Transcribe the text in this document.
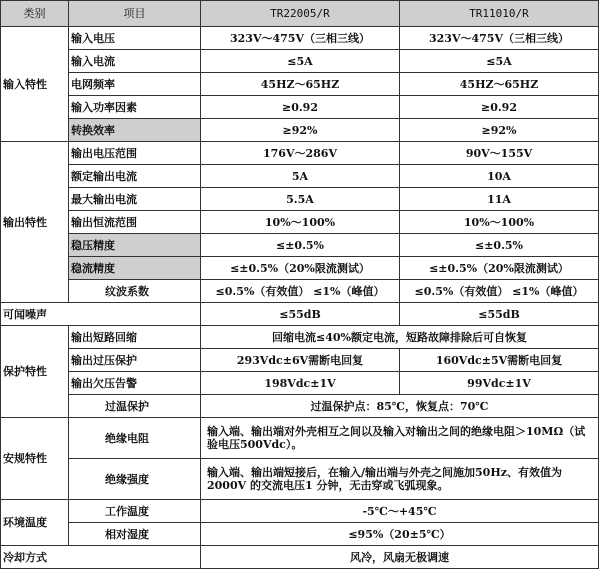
类别	项目	TR22005/R	TR11010/R
输入特性	输入电压	323V～475V（三相三线）	323V～475V（三相三线）
	输入电流	≤5A	≤5A
	电网频率	45HZ～65HZ	45HZ～65HZ
	输入功率因素	≥0.92	≥0.92
	转换效率	≥92%	≥92%
输出特性	输出电压范围	176V～286V	90V～155V
	额定输出电流	5A	10A
	最大输出电流	5.5A	11A
	输出恒流范围	10%～100%	10%～100%
	稳压精度	≤±0.5%	≤±0.5%
	稳流精度	≤±0.5%（20%限流测试）	≤±0.5%（20%限流测试）
	纹波系数	≤0.5%（有效值） ≤1%（峰值）	≤0.5%（有效值） ≤1%（峰值）
可闻噪声		≤55dB	≤55dB
保护特性	输出短路回缩	回缩电流≤40%额定电流，短路故障排除后可自恢复	
	输出过压保护	293Vdc±6V需断电回复	160Vdc±5V需断电回复
	输出欠压告警	198Vdc±1V	99Vdc±1V
	过温保护	过温保护点：85℃，恢复点：70℃	
安规特性	绝缘电阻	输入端、输出端对外壳相互之间以及输入对输出之间的绝缘电阻＞10MΩ（试验电压500Vdc）。	
	绝缘强度	输入端、输出端短接后，在输入/输出端与外壳之间施加50Hz、有效值为2000V 的交流电压1 分钟，无击穿或飞弧现象。	
环境温度	工作温度	-5℃～+45℃	
	相对湿度	≤95%（20±5℃）	
冷却方式		风冷，风扇无极调速	
